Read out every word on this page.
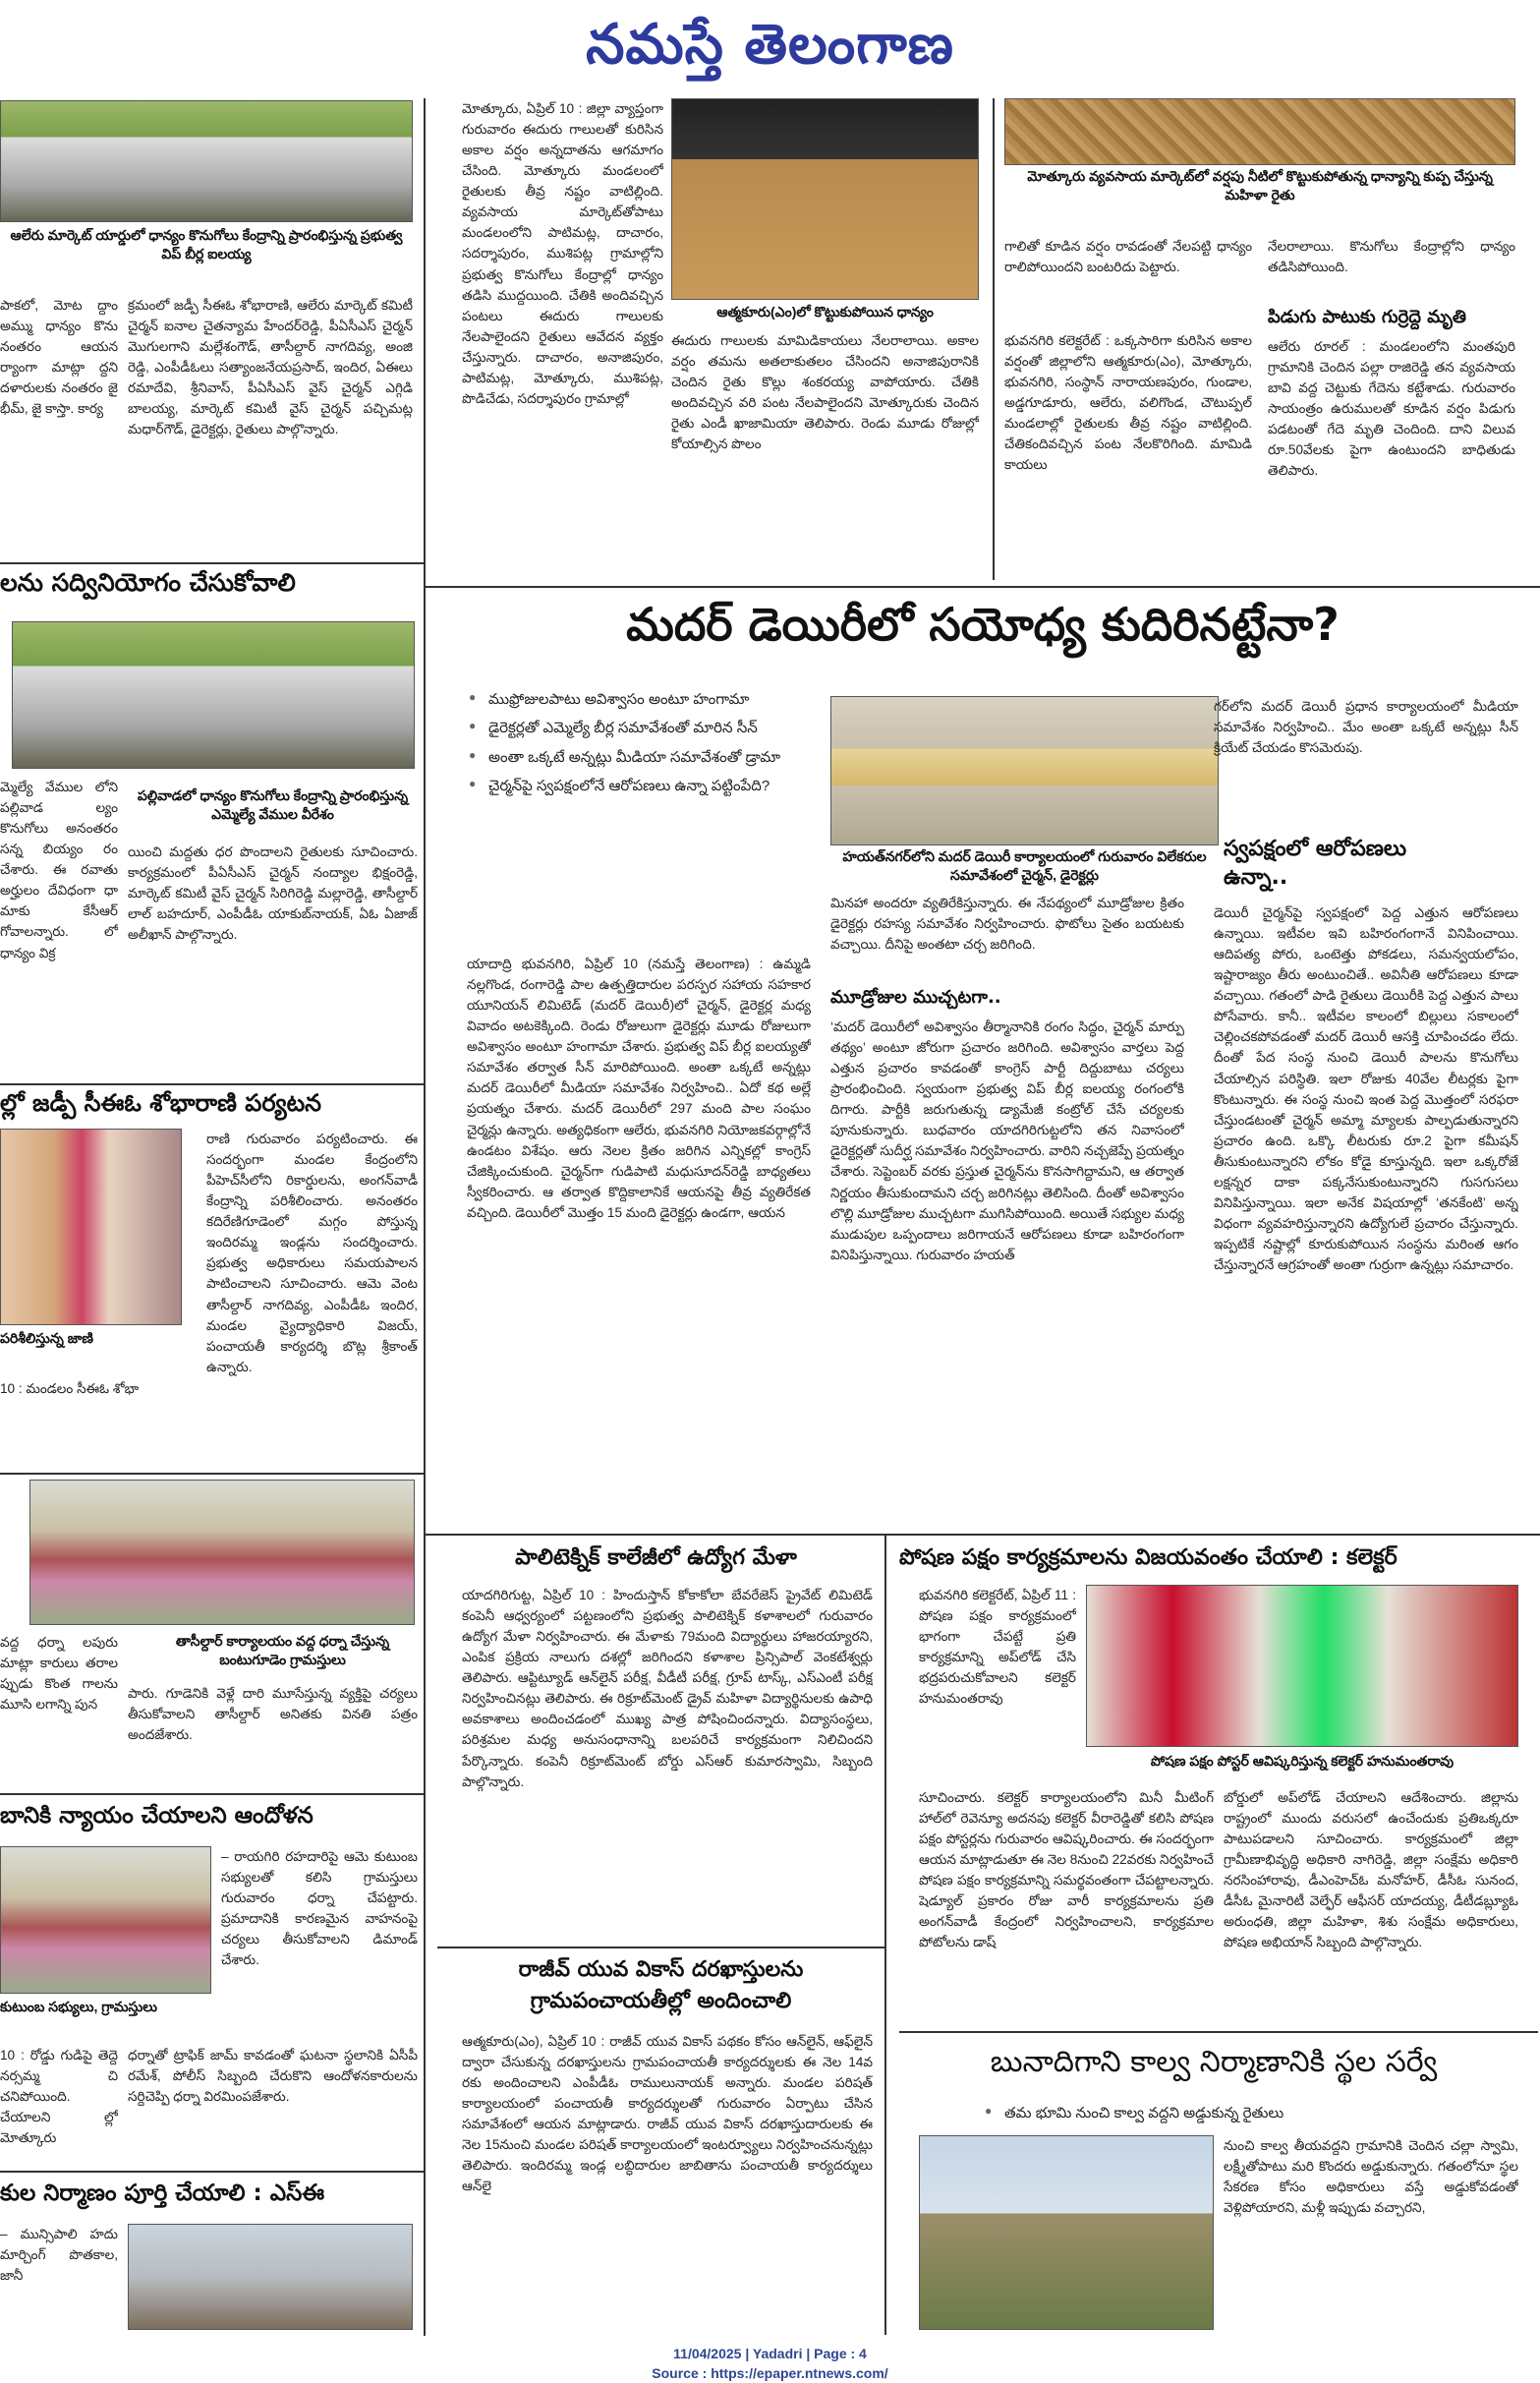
నమస్తే తెలంగాణ
ఆలేరు మార్కెట్ యార్డులో ధాన్యం కొనుగోలు కేంద్రాన్ని ప్రారంభిస్తున్న ప్రభుత్వ విప్ బీర్ల ఐలయ్య
పాకలో, మోట ద్దాం అమ్ము ధాన్యం కొను నంతరం ఆయన ర్యాంగా మాట్లా ద్దని దళారులకు నంతరం జై భీమ్, జై కాస్తా. కార్య
క్రమంలో జడ్పీ సీఈఓ శోభారాణి, ఆలేరు మార్కెట్ కమిటీ చైర్మన్ ఐనాల చైతన్యామ హేందర్‌రెడ్డి, పీఏసీఎస్ చైర్మన్ మొగులగాని మల్లేశంగౌడ్, తాసీల్దార్ నాగదివ్య, అంజి రెడ్డి, ఎంపీడీఓలు సత్యాంజనేయప్రసాద్, ఇందిర, ఏఈలు రమాదేవి, శ్రీనివాస్, పీఏసీఎస్ వైస్ చైర్మన్ ఎగ్గిడి బాలయ్య, మార్కెట్ కమిటీ వైస్ చైర్మన్ పచ్చిమట్ల మధార్‌గౌడ్, డైరెక్టర్లు, రైతులు పాల్గొన్నారు.
మోత్కూరు, ఏప్రిల్ 10 : జిల్లా వ్యాప్తంగా గురువారం ఈదురు గాలులతో కురిసిన అకాల వర్షం అన్నదాతను ఆగమాగం చేసింది. మోత్కూరు మండలంలో రైతులకు తీవ్ర నష్టం వాటిల్లింది. వ్యవసాయ మార్కెట్‌తోపాటు మండలంలోని పాటిమట్ల, దాచారం, సదర్శాపురం, ముశిపట్ల గ్రామాల్లోని ప్రభుత్వ కొనుగోలు కేంద్రాల్లో ధాన్యం తడిసి ముద్దయింది. చేతికి అందివచ్చిన పంటలు ఈదురు గాలులకు నేలపాలైందని రైతులు ఆవేదన వ్యక్తం చేస్తున్నారు. దాచారం, అనాజిపురం, పాటిమట్ల, మోత్కూరు, ముశిపట్ల, పొడిచేడు, సదర్శాపురం గ్రామాల్లో
ఆత్మకూరు(ఎం)లో కొట్టుకుపోయిన ధాన్యం
ఈదురు గాలులకు మామిడికాయలు నేలరాలాయి. అకాల వర్షం తమను అతలాకుతలం చేసిందని అనాజిపురానికి చెందిన రైతు కొల్లు శంకరయ్య వాపోయారు. చేతికి అందివచ్చిన వరి పంట నేలపాలైందని మోత్కూరుకు చెందిన రైతు ఎండీ ఖాజామియా తెలిపారు. రెండు మూడు రోజుల్లో కోయాల్సిన పొలం
మోత్కూరు వ్యవసాయ మార్కెట్‌లో వర్షపు నీటిలో కొట్టుకుపోతున్న ధాన్యాన్ని కుప్ప చేస్తున్న మహిళా రైతు
గాలితో కూడిన వర్షం రావడంతో నేలపట్టి ధాన్యం రాలిపోయిందని బంటరిదు పెట్టారు.
భువనగిరి కలెక్టరేట్ : ఒక్కసారిగా కురిసిన అకాల వర్షంతో జిల్లాలోని ఆత్మకూరు(ఎం), మోత్కూరు, భువనగిరి, సంస్థాన్ నారాయణపురం, గుండాల, అడ్డగూడూరు, ఆలేరు, వలిగొండ, చౌటుప్పల్ మండలాల్లో రైతులకు తీవ్ర నష్టం వాటిల్లింది. చేతికందివచ్చిన పంట నేలకొరిగింది. మామిడి కాయలు
నేలరాలాయి. కొనుగోలు కేంద్రాల్లోని ధాన్యం తడిసిపోయింది.
పిడుగు పాటుకు గుర్రెద్దె మృతి
ఆలేరు రూరల్ : మండలంలోని మంతపురి గ్రామానికి చెందిన పల్లా రాజిరెడ్డి తన వ్యవసాయ బావి వద్ద చెట్టుకు గేదెను కట్టేశాడు. గురువారం సాయంత్రం ఉరుములతో కూడిన వర్షం పిడుగు పడటంతో గేదె మృతి చెందింది. దాని విలువ రూ.50వేలకు పైగా ఉంటుందని బాధితుడు తెలిపారు.
లను సద్వినియోగం చేసుకోవాలి
మ్మెల్యే వేముల లోని పల్లివాడ ల్యం కొనుగోలు అనంతరం సన్న బియ్యం రం చేశారు. ఈ రవాతు అర్హులం దేవిధంగా ధా మాకు కేసీఆర్ గోవాలన్నారు. లో ధాన్యం విక్ర
పల్లివాడలో ధాన్యం కొనుగోలు కేంద్రాన్ని ప్రారంభిస్తున్న ఎమ్మెల్యే వేముల వీరేశం
యించి మద్దతు ధర పొందాలని రైతులకు సూచించారు. కార్యక్రమంలో పీఏసీఎస్ చైర్మన్ నంద్యాల భిక్షంరెడ్డి, మార్కెట్ కమిటీ వైస్ చైర్మన్ సిరిగిరెడ్డి మల్లారెడ్డి, తాసీల్దార్ లాల్ బహదూర్, ఎంపీడీఓ యాకుబ్‌నాయక్, ఏఓ ఏజాజ్ అలీఖాన్ పాల్గొన్నారు.
ల్లో జడ్పీ సీఈఓ శోభారాణి పర్యటన
పరిశీలిస్తున్న జాణి
10 : మండలం సీఈఓ శోభా
రాణి గురువారం పర్యటించారు. ఈ సందర్భంగా మండల కేంద్రంలోని పీహెచ్‌సీలోని రికార్డులను, అంగన్‌వాడీ కేంద్రాన్ని పరిశీలించారు. అనంతరం కదిరేణిగూడెంలో మగ్గం పోస్తున్న ఇందిరమ్మ ఇండ్లను సందర్శించారు. ప్రభుత్వ అధికారులు సమయపాలన పాటించాలని సూచించారు. ఆమె వెంట తాసీల్దార్ నాగదివ్య, ఎంపీడీఓ ఇందిర, మండల వ్యైద్యాధికారి విజయ్, పంచాయతీ కార్యదర్శి బొట్ల శ్రీకాంత్ ఉన్నారు.
తాసీల్దార్ కార్యాలయం వద్ద ధర్నా చేస్తున్న బంటుగూడెం గ్రామస్తులు
వద్ద ధర్నా లపురు మాట్లా కారులు తరాల ప్పుడు కొంత గాలను మూసి లగాన్ని పున
పారు. గూడెనికి వెళ్లే దారి మూసేస్తున్న వ్యక్తిపై చర్యలు తీసుకోవాలని తాసీల్దార్ అనితకు వినతి పత్రం అందజేశారు.
బానికి న్యాయం చేయాలని ఆందోళన
కుటుంబ సభ్యులు, గ్రామస్తులు
– రాయగిరి రహదారిపై ఆమె కుటుంబ సభ్యులతో కలిసి గ్రామస్తులు గురువారం ధర్నా చేపట్టారు. ప్రమాదానికి కారణమైన వాహనంపై చర్యలు తీసుకోవాలని డిమాండ్ చేశారు.
10 : రోడ్డు గుడిపై తెద్దె నర్సమ్మ చి చనిపోయింది. చేయాలని ల్లో మోత్కూరు
ధర్నాతో ట్రాఫిక్ జామ్ కావడంతో ఘటనా స్థలానికి ఏసీపీ రమేశ్, పోలీస్ సిబ్బంది చేరుకొని ఆందోళనకారులను సర్దిచెప్పి ధర్నా విరమింపజేశారు.
కుల నిర్మాణం పూర్తి చేయాలి : ఎస్ఈ
– మున్సిపాలి హదు మార్చింగ్ పొతకాల, జానీ
మదర్ డెయిరీలో సయోధ్య కుదిరినట్టేనా?
● ముఫ్రోజులపాటు అవిశ్వాసం అంటూ హంగామా
● డైరెక్టర్లతో ఎమ్మెల్యే బీర్ల సమావేశంతో మారిన సీన్
● అంతా ఒక్కటే అన్నట్లు మీడియా సమావేశంతో డ్రామా
● చైర్మన్‌పై స్వపక్షంలోనే ఆరోపణలు ఉన్నా పట్టింపేది?
హయత్‌నగర్‌లోని మదర్ డెయిరీ కార్యాలయంలో గురువారం విలేకరుల సమావేశంలో చైర్మన్, డైరెక్టర్లు
యాదాద్రి భువనగిరి, ఏప్రిల్ 10 (నమస్తే తెలంగాణ) : ఉమ్మడి నల్లగొండ, రంగారెడ్డి పాల ఉత్పత్తిదారుల పరస్పర సహాయ సహకార యూనియన్ లిమిటెడ్ (మదర్ డెయిరీ)లో చైర్మన్, డైరెక్టర్ల మధ్య వివాదం అటకెక్కింది. రెండు రోజులుగా డైరెక్టర్లు మూడు రోజులుగా అవిశ్వాసం అంటూ హంగామా చేశారు. ప్రభుత్వ విప్ బీర్ల ఐలయ్యతో సమావేశం తర్వాత సీన్ మారిపోయింది. అంతా ఒక్కటే అన్నట్లు మదర్ డెయిరీలో మీడియా సమావేశం నిర్వహించి.. ఏదో కథ అల్లే ప్రయత్నం చేశారు. మదర్ డెయిరీలో 297 మంది పాల సంఘం చైర్మన్లు ఉన్నారు. అత్యధికంగా ఆలేరు, భువనగిరి నియోజకవర్గాల్లోనే ఉండటం విశేషం. ఆరు నెలల క్రితం జరిగిన ఎన్నికల్లో కాంగ్రెస్ చేజిక్కించుకుంది. చైర్మన్‌గా గుడిపాటి మధుసూదన్‌రెడ్డి బాధ్యతలు స్వీకరించారు. ఆ తర్వాత కొద్దికాలానికే ఆయనపై తీవ్ర వ్యతిరేకత వచ్చింది. డెయిరీలో మొత్తం 15 మంది డైరెక్టర్లు ఉండగా, ఆయన
మినహా అందరూ వ్యతిరేకిస్తున్నారు. ఈ నేపథ్యంలో మూడ్రోజుల క్రితం డైరెక్టర్లు రహస్య సమావేశం నిర్వహించారు. ఫొటోలు సైతం బయటకు వచ్చాయి. దీనిపై అంతటా చర్చ జరిగింది.
మూడ్రోజుల ముచ్చటగా..
‘మదర్ డెయిరీలో అవిశ్వాసం తీర్మానానికి రంగం సిద్ధం, చైర్మన్ మార్పు తథ్యం’ అంటూ జోరుగా ప్రచారం జరిగింది. అవిశ్వాసం వార్తలు పెద్ద ఎత్తున ప్రచారం కావడంతో కాంగ్రెస్ పార్టీ దిద్దుబాటు చర్యలు ప్రారంభించింది. స్వయంగా ప్రభుత్వ విప్ బీర్ల ఐలయ్య రంగంలోకి దిగారు. పార్టీకి జరుగుతున్న డ్యామేజీ కంట్రోల్ చేసే చర్యలకు పూనుకున్నారు. బుధవారం యాదగిరిగుట్టలోని తన నివాసంలో డైరెక్టర్లతో సుదీర్ఘ సమావేశం నిర్వహించారు. వారిని నచ్చజెప్పే ప్రయత్నం చేశారు. సెప్టెంబర్ వరకు ప్రస్తుత చైర్మన్‌ను కొనసాగిద్దామని, ఆ తర్వాత నిర్ణయం తీసుకుందామని చర్చ జరిగినట్లు తెలిసింది. దీంతో అవిశ్వాసం లొల్లి మూడ్రోజుల ముచ్చటగా ముగిసిపోయింది. అయితే సభ్యుల మధ్య ముడుపుల ఒప్పందాలు జరిగాయనే ఆరోపణలు కూడా బహిరంగంగా వినిపిస్తున్నాయి. గురువారం హయత్
గర్‌లోని మదర్ డెయిరీ ప్రధాన కార్యాలయంలో మీడియా సమావేశం నిర్వహించి.. మేం అంతా ఒక్కటే అన్నట్లు సీన్ క్రియేట్ చేయడం కొసమెరుపు.
స్వపక్షంలో ఆరోపణలు ఉన్నా..
డెయిరీ చైర్మన్‌పై స్వపక్షంలో పెద్ద ఎత్తున ఆరోపణలు ఉన్నాయి. ఇటీవల ఇవి బహిరంగంగానే వినిపించాయి. ఆదిపత్య పోరు, ఒంటెత్తు పోకడలు, సమన్వయలోపం, ఇష్టారాజ్యం తీరు అంటుంచితే.. అవినీతి ఆరోపణలు కూడా వచ్చాయి. గతంలో పాడి రైతులు డెయిరీకి పెద్ద ఎత్తున పాలు పోసేవారు. కానీ.. ఇటీవల కాలంలో బిల్లులు సకాలంలో చెల్లించకపోవడంతో మదర్ డెయిరీ ఆసక్తి చూపించడం లేదు. దీంతో పేద సంస్థ నుంచి డెయిరీ పాలను కొనుగోలు చేయాల్సిన పరిస్థితి. ఇలా రోజుకు 40వేల లీటర్లకు పైగా కొంటున్నారు. ఈ సంస్థ నుంచి ఇంత పెద్ద మొత్తంలో సరఫరా చేస్తుండటంతో చైర్మన్ అమ్మా మ్యాలకు పాల్పడుతున్నారని ప్రచారం ఉంది. ఒక్కొ లీటరుకు రూ.2 పైగా కమీషన్ తీసుకుంటున్నారని లోకం కోడై కూస్తున్నది. ఇలా ఒక్కరోజే లక్షన్నర దాకా పక్కనేసుకుంటున్నారని గుసగుసలు వినిపిస్తున్నాయి. ఇలా అనేక విషయాల్లో ‘తనకేంటి’ అన్న విధంగా వ్యవహరిస్తున్నారని ఉద్యోగులే ప్రచారం చేస్తున్నారు. ఇప్పటికే నష్టాల్లో కూరుకుపోయిన సంస్థను మరింత ఆగం చేస్తున్నారనే ఆగ్రహంతో అంతా గుర్రుగా ఉన్నట్లు సమాచారం.
పాలిటెక్నిక్ కాలేజీలో ఉద్యోగ మేళా
యాదగిరిగుట్ట, ఏప్రిల్ 10 : హిందుస్తాన్ కోకాకోలా బేవరేజెస్ ప్రైవేట్ లిమిటెడ్ కంపెనీ ఆధ్వర్యంలో పట్టణంలోని ప్రభుత్వ పాలిటెక్నిక్ కళాశాలలో గురువారం ఉద్యోగ మేళా నిర్వహించారు. ఈ మేళాకు 79మంది విద్యార్థులు హాజరయ్యారని, ఎంపిక ప్రక్రియ నాలుగు దశల్లో జరిగిందని కళాశాల ప్రిన్సిపాల్ వెంకటేశ్వర్లు తెలిపారు. ఆప్టిట్యూడ్ ఆన్‌లైన్ పరీక్ష, వీడీటీ పరీక్ష, గ్రూప్ టాస్క్, ఎస్‌ఎంటీ పరీక్ష నిర్వహించినట్లు తెలిపారు. ఈ రిక్రూట్‌మెంట్ డ్రైవ్ మహిళా విద్యార్థినులకు ఉపాధి అవకాశాలు అందించడంలో ముఖ్య పాత్ర పోషించిందన్నారు. విద్యాసంస్థలు, పరిశ్రమల మధ్య అనుసంధానాన్ని బలపరిచే కార్యక్రమంగా నిలిచిందని పేర్కొన్నారు. కంపెనీ రిక్రూట్‌మెంట్ బోర్డు ఎస్‌ఆర్ కుమారస్వామి, సిబ్బంది పాల్గొన్నారు.
రాజీవ్ యువ వికాస్ దరఖాస్తులను గ్రామపంచాయతీల్లో అందించాలి
ఆత్మకూరు(ఎం), ఏప్రిల్ 10 : రాజీవ్ యువ వికాస్ పథకం కోసం ఆన్‌లైన్, ఆఫ్‌లైన్ ద్వారా చేసుకున్న దరఖాస్తులను గ్రామపంచాయతీ కార్యదర్శులకు ఈ నెల 14వ రకు అందించాలని ఎంపీడీఓ రాములునాయక్ అన్నారు. మండల పరిషత్ కార్యాలయంలో పంచాయతీ కార్యదర్శులతో గురువారం ఏర్పాటు చేసిన సమావేశంలో ఆయన మాట్లాడారు. రాజీవ్ యువ వికాస్ దరఖాస్తుదారులకు ఈ నెల 15నుంచి మండల పరిషత్ కార్యాలయంలో ఇంటర్వ్యూలు నిర్వహించనున్నట్లు తెలిపారు. ఇందిరమ్మ ఇండ్ల లబ్ధిదారుల జాబితాను పంచాయతీ కార్యదర్శులు ఆన్‌లై
పోషణ పక్షం కార్యక్రమాలను విజయవంతం చేయాలి : కలెక్టర్
భువనగిరి కలెక్టరేట్, ఏప్రిల్ 11 : పోషణ పక్షం కార్యక్రమంలో భాగంగా చేపట్టే ప్రతి కార్యక్రమాన్ని అప్‌లోడ్ చేసి భద్రపరుచుకోవాలని కలెక్టర్ హనుమంతరావు
పోషణ పక్షం పోస్టర్ ఆవిష్కరిస్తున్న కలెక్టర్ హనుమంతరావు
సూచించారు. కలెక్టర్ కార్యాలయంలోని మినీ మీటింగ్ హాల్‌లో రెవెన్యూ అదనపు కలెక్టర్ వీరారెడ్డితో కలిసి పోషణ పక్షం పోస్టర్లను గురువారం ఆవిష్కరించారు. ఈ సందర్భంగా ఆయన మాట్లాడుతూ ఈ నెల 8నుంచి 22వరకు నిర్వహించే పోషణ పక్షం కార్యక్రమాన్ని సమర్థవంతంగా చేపట్టాలన్నారు. షెడ్యూల్ ప్రకారం రోజు వారీ కార్యక్రమాలను ప్రతి అంగన్‌వాడీ కేంద్రంలో నిర్వహించాలని, కార్యక్రమాల పోటోలను డాష్
బోర్డులో అప్‌లోడ్ చేయాలని ఆదేశించారు. జిల్లాను రాష్ట్రంలో ముందు వరుసలో ఉంచేందుకు ప్రతిఒక్కరూ పాటుపడాలని సూచించారు. కార్యక్రమంలో జిల్లా గ్రామీణాభివృద్ధి అధికారి నాగిరెడ్డి, జిల్లా సంక్షేమ అధికారి నరసింహారావు, డీఎంహెచ్‌ఓ మనోహర్, డీసీఓ సునంద, డీసీఓ మైనారిటీ వెల్ఫేర్ ఆఫీసర్ యాదయ్య, డీటీడబ్ల్యూఓ అరుంధతి, జిల్లా మహిళా, శిశు సంక్షేమ అధికారులు, పోషణ అభియాన్ సిబ్బంది పాల్గొన్నారు.
బునాదిగాని కాల్వ నిర్మాణానికి స్థల సర్వే
● తమ భూమి నుంచి కాల్వ వద్దని అడ్డుకున్న రైతులు
నుంచి కాల్వ తీయవద్దని గ్రామానికి చెందిన చల్లా స్వామి, లక్ష్మీతోపాటు మరి కొందరు అడ్డుకున్నారు. గతంలోనూ స్థల సేకరణ కోసం అధికారులు వస్తే అడ్డుకోవడంతో వెళ్లిపోయారని, మళ్లీ ఇప్పుడు వచ్చారని,
11/04/2025 | Yadadri | Page : 4
Source : https://epaper.ntnews.com/
